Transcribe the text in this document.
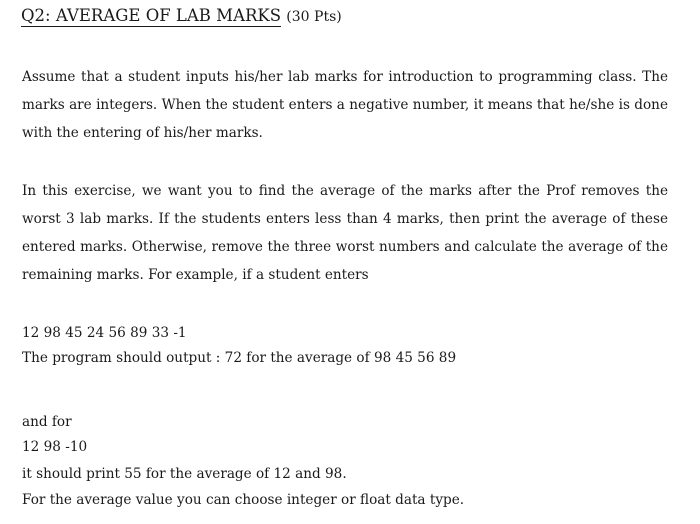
Q2: AVERAGE OF LAB MARKS (30 Pts)

Assume that a student inputs his/her lab marks for introduction to programming class. The marks are integers. When the student enters a negative number, it means that he/she is done with the entering of his/her marks.

In this exercise, we want you to find the average of the marks after the Prof removes the worst 3 lab marks. If the students enters less than 4 marks, then print the average of these entered marks. Otherwise, remove the three worst numbers and calculate the average of the remaining marks. For example, if a student enters

12 98 45 24 56 89 33 -1
The program should output : 72 for the average of 98 45 56 89
and for
12 98 -10
it should print 55 for the average of 12 and 98.
For the average value you can choose integer or float data type.
